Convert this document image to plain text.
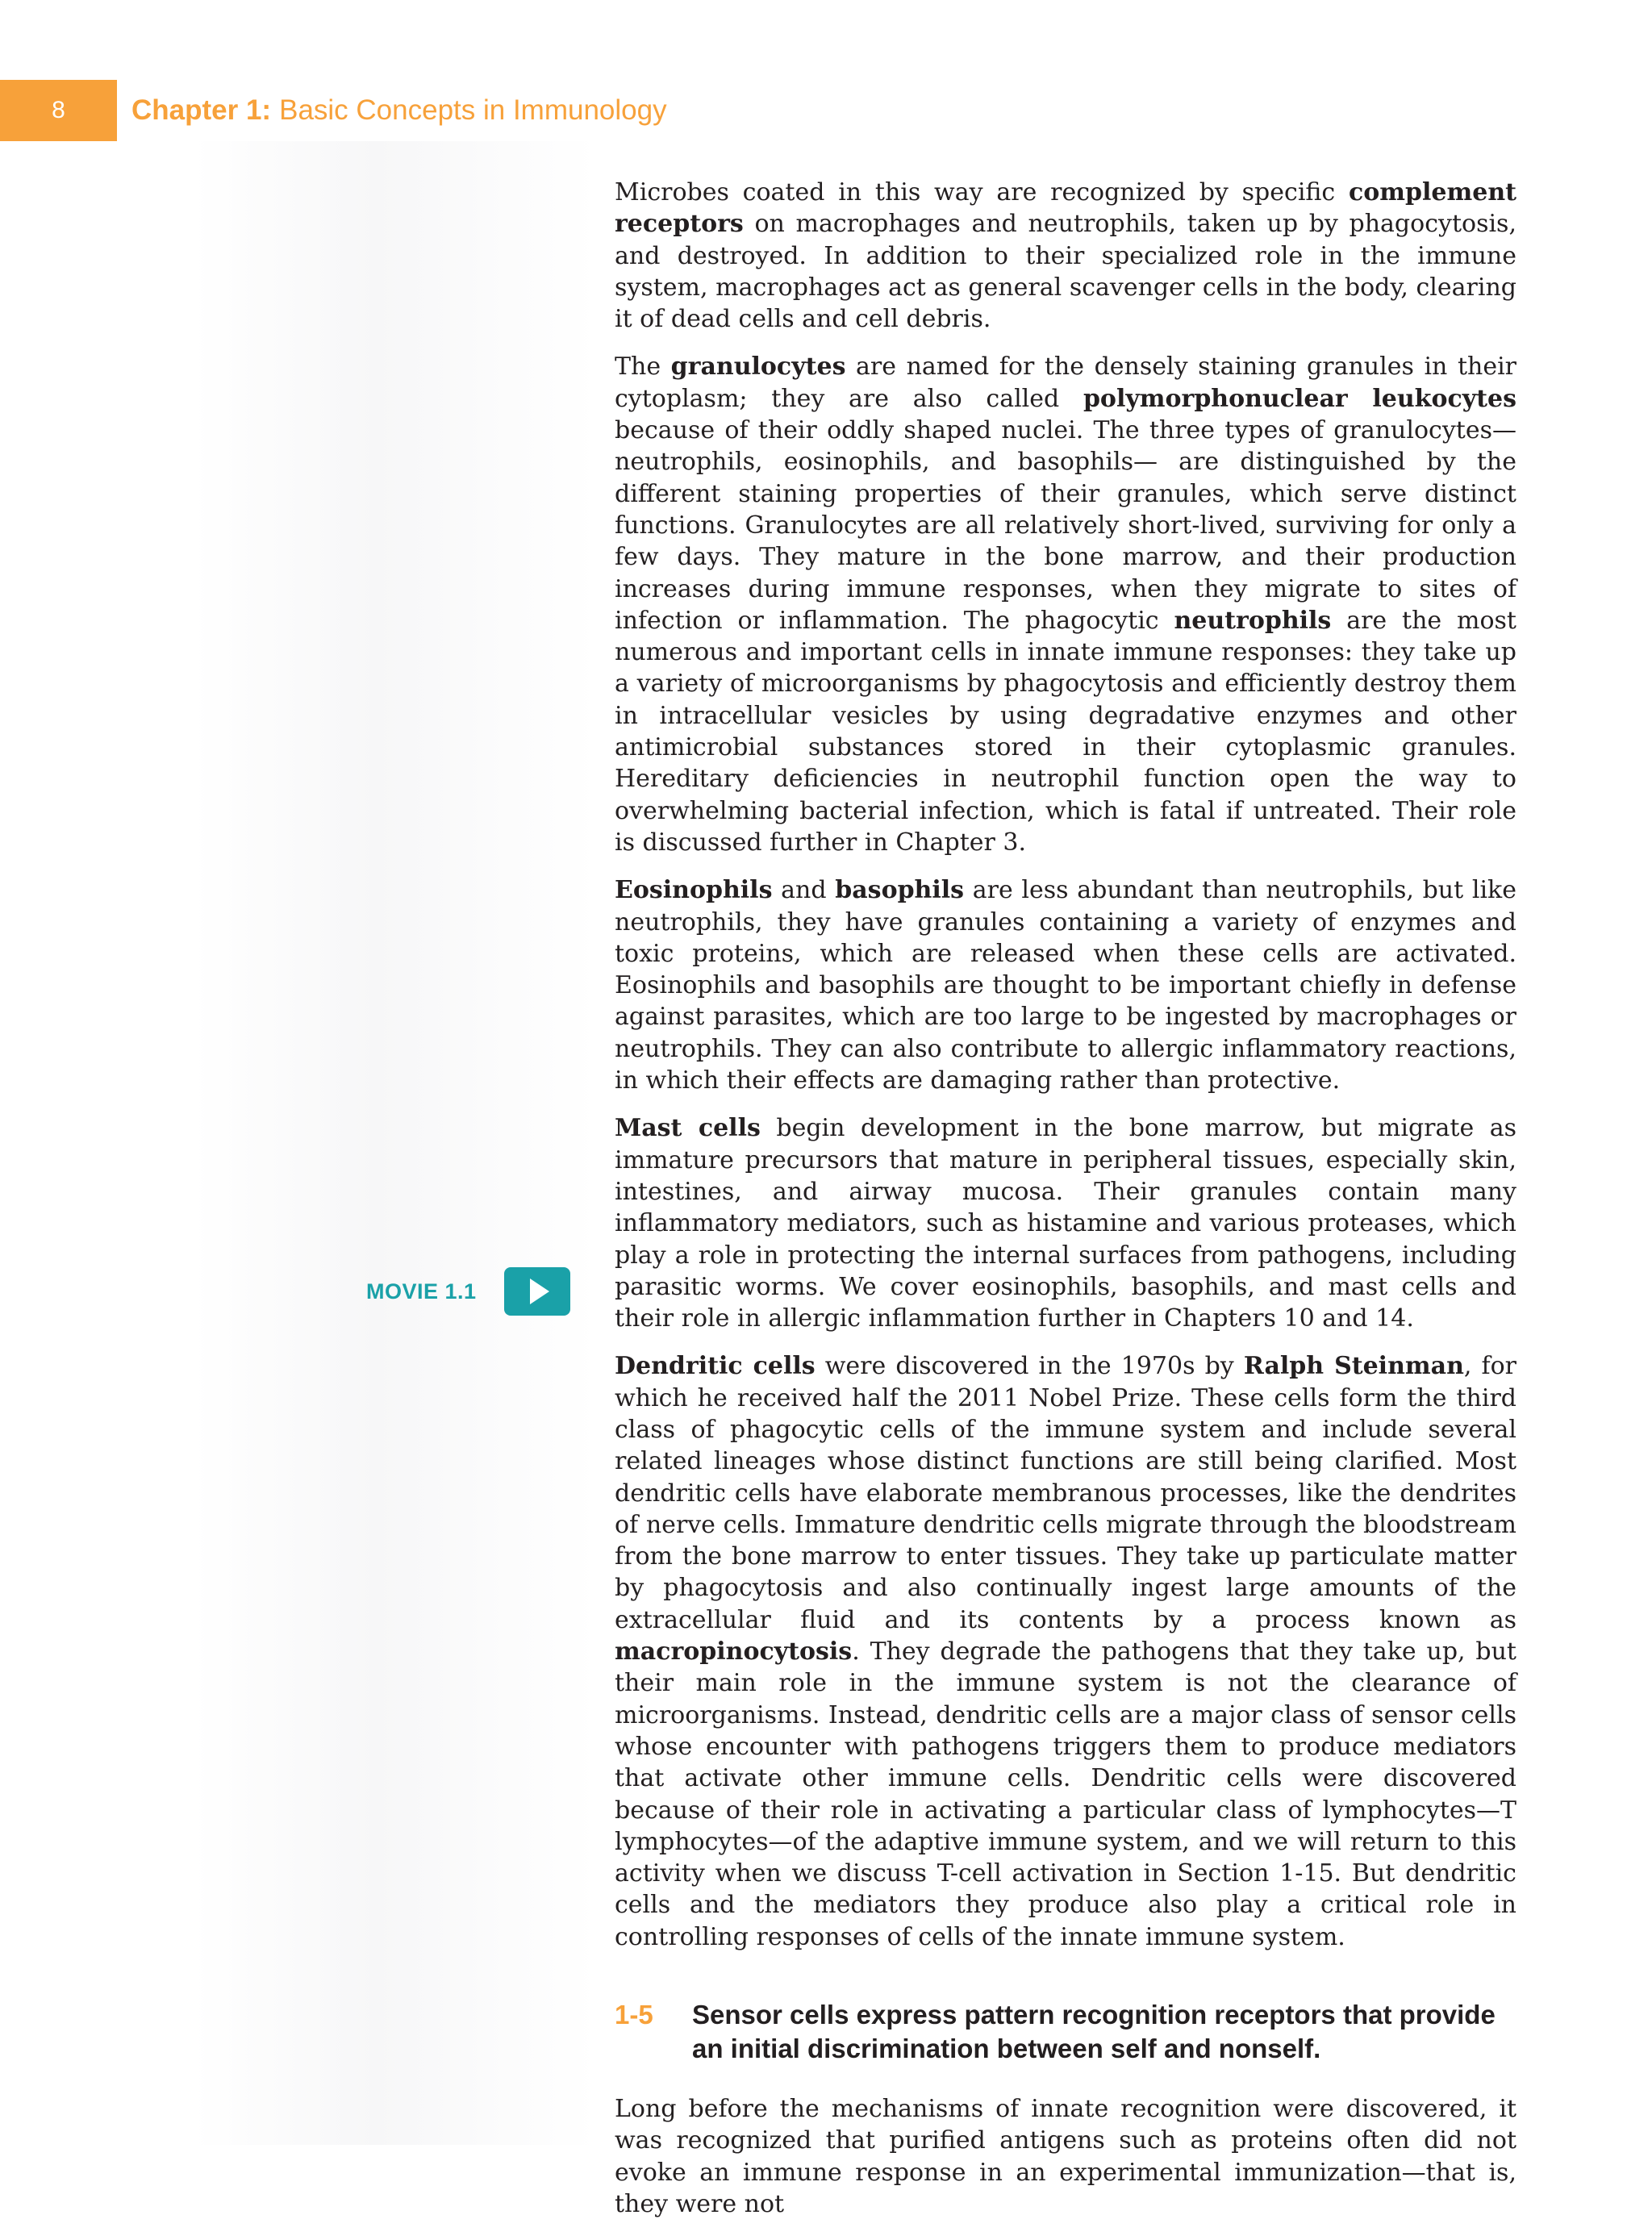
8	Chapter 1: Basic Concepts in Immunology
MOVIE 1.1

Microbes coated in this way are recognized by specific complement receptors on macrophages and neutrophils, taken up by phagocytosis, and destroyed. In addition to their specialized role in the immune system, macrophages act as general scavenger cells in the body, clearing it of dead cells and cell debris.

The granulocytes are named for the densely staining granules in their cytoplasm; they are also called polymorphonuclear leukocytes because of their oddly shaped nuclei. The three types of granulocytes—neutrophils, eosinophils, and basophils— are distinguished by the different staining properties of their granules, which serve distinct functions. Granulocytes are all relatively short-lived, surviving for only a few days. They mature in the bone marrow, and their production increases during immune responses, when they migrate to sites of infection or inflammation. The phagocytic neutrophils are the most numerous and important cells in innate immune responses: they take up a variety of microorganisms by phagocytosis and efficiently destroy them in intracellular vesicles by using degradative enzymes and other antimicrobial substances stored in their cytoplasmic granules. Hereditary deficiencies in neutrophil function open the way to overwhelming bacterial infection, which is fatal if untreated. Their role is discussed further in Chapter 3.

Eosinophils and basophils are less abundant than neutrophils, but like neutrophils, they have granules containing a variety of enzymes and toxic proteins, which are released when these cells are activated. Eosinophils and basophils are thought to be important chiefly in defense against parasites, which are too large to be ingested by macrophages or neutrophils. They can also contribute to allergic inflammatory reactions, in which their effects are damaging rather than protective.

Mast cells begin development in the bone marrow, but migrate as immature precursors that mature in peripheral tissues, especially skin, intestines, and airway mucosa. Their granules contain many inflammatory mediators, such as histamine and various proteases, which play a role in protecting the internal surfaces from pathogens, including parasitic worms. We cover eosinophils, basophils, and mast cells and their role in allergic inflammation further in Chapters 10 and 14.

Dendritic cells were discovered in the 1970s by Ralph Steinman, for which he received half the 2011 Nobel Prize. These cells form the third class of phagocytic cells of the immune system and include several related lineages whose distinct functions are still being clarified. Most dendritic cells have elaborate membranous processes, like the dendrites of nerve cells. Immature dendritic cells migrate through the bloodstream from the bone marrow to enter tissues. They take up particulate matter by phagocytosis and also continually ingest large amounts of the extracellular fluid and its contents by a process known as macropinocytosis. They degrade the pathogens that they take up, but their main role in the immune system is not the clearance of microorganisms. Instead, dendritic cells are a major class of sensor cells whose encounter with pathogens triggers them to produce mediators that activate other immune cells. Dendritic cells were discovered because of their role in activating a particular class of lymphocytes—T lymphocytes—of the adaptive immune system, and we will return to this activity when we discuss T-cell activation in Section 1-15. But dendritic cells and the mediators they produce also play a critical role in controlling responses of cells of the innate immune system.

1-5	Sensor cells express pattern recognition receptors that provide an initial discrimination between self and nonself.

Long before the mechanisms of innate recognition were discovered, it was recognized that purified antigens such as proteins often did not evoke an immune response in an experimental immunization—that is, they were not
